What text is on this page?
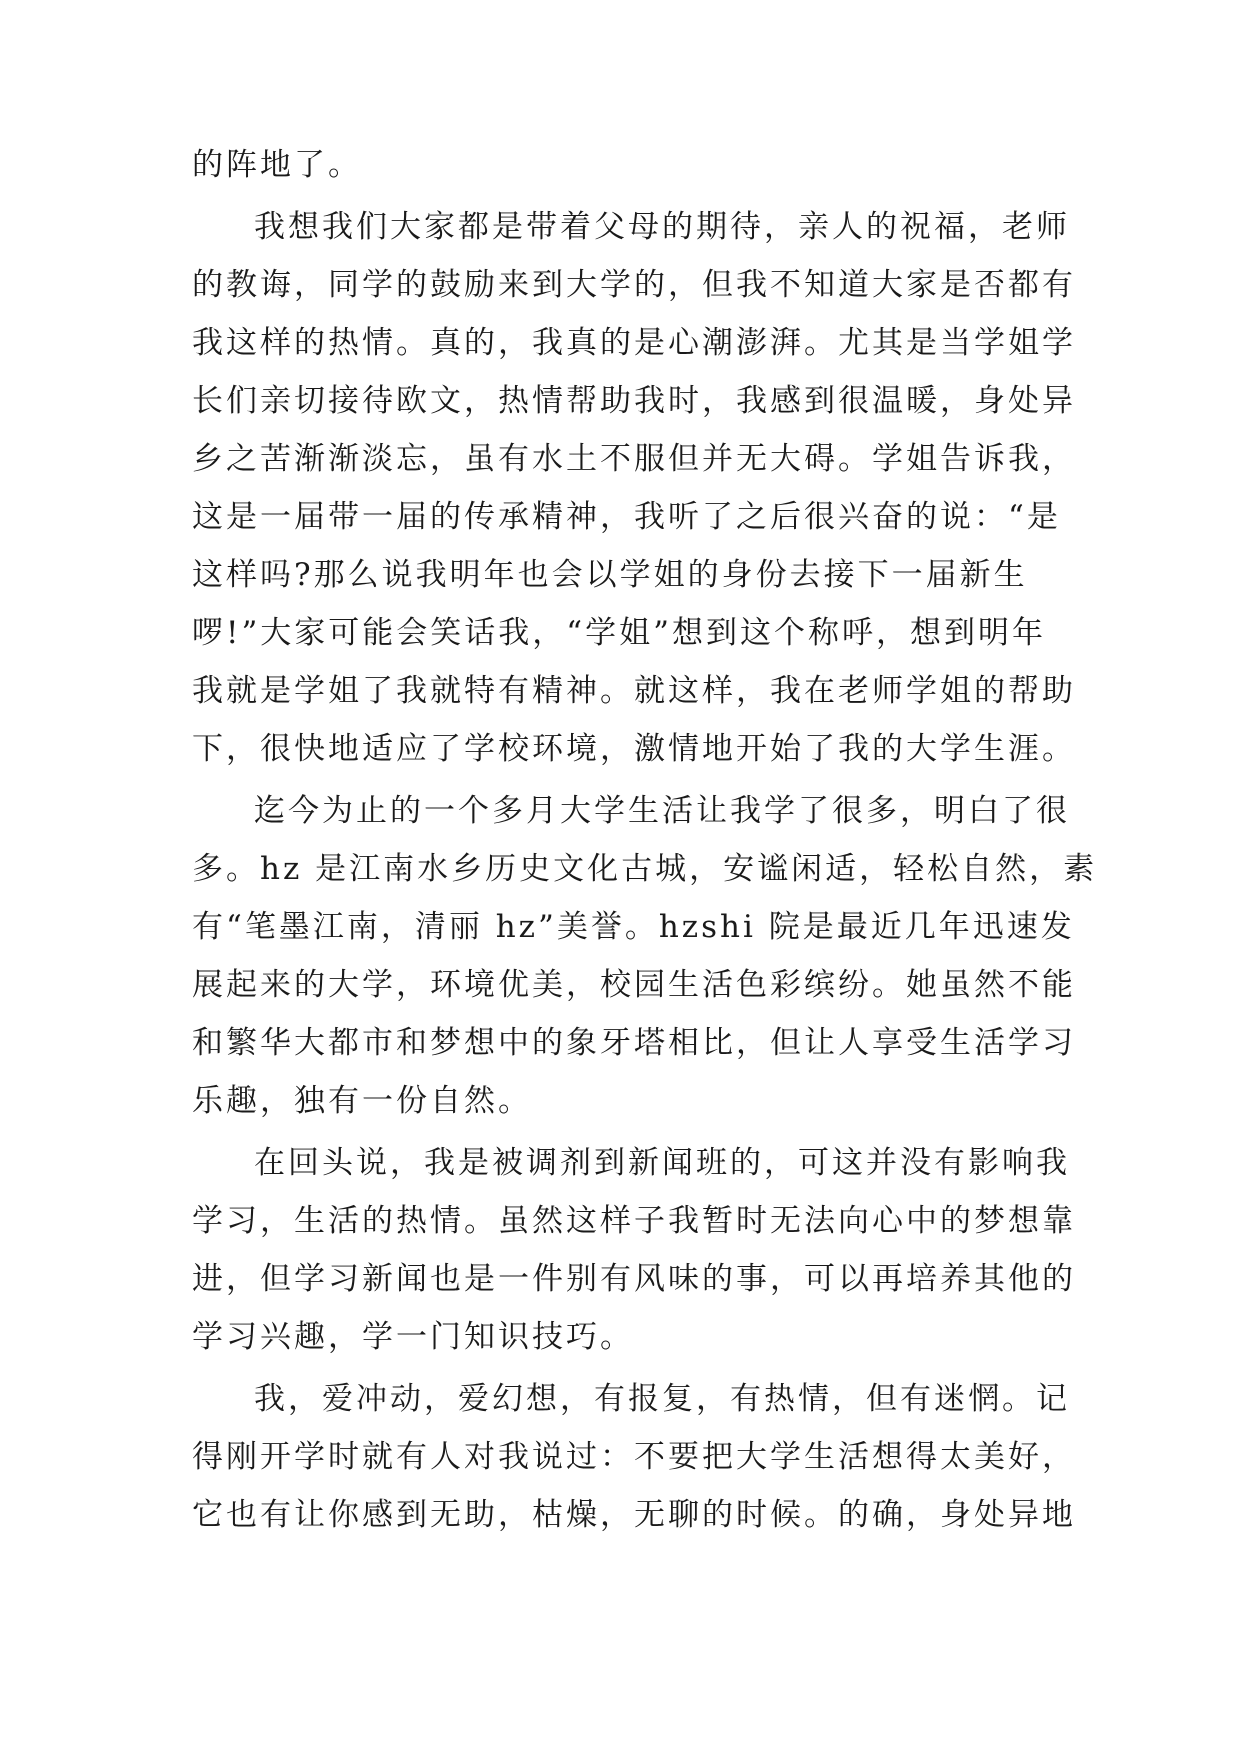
的阵地了。
我想我们大家都是带着父母的期待，亲人的祝福，老师
的教诲，同学的鼓励来到大学的，但我不知道大家是否都有
我这样的热情。真的，我真的是心潮澎湃。尤其是当学姐学
长们亲切接待欧文，热情帮助我时，我感到很温暖，身处异
乡之苦渐渐淡忘，虽有水土不服但并无大碍。学姐告诉我，
这是一届带一届的传承精神，我听了之后很兴奋的说：“是
这样吗?那么说我明年也会以学姐的身份去接下一届新生
啰!”大家可能会笑话我，“学姐”想到这个称呼，想到明年
我就是学姐了我就特有精神。就这样，我在老师学姐的帮助
下，很快地适应了学校环境，激情地开始了我的大学生涯。
迄今为止的一个多月大学生活让我学了很多，明白了很
多。hz 是江南水乡历史文化古城，安谧闲适，轻松自然，素
有“笔墨江南，清丽 hz”美誉。hzshi 院是最近几年迅速发
展起来的大学，环境优美，校园生活色彩缤纷。她虽然不能
和繁华大都市和梦想中的象牙塔相比，但让人享受生活学习
乐趣，独有一份自然。
在回头说，我是被调剂到新闻班的，可这并没有影响我
学习，生活的热情。虽然这样子我暂时无法向心中的梦想靠
进，但学习新闻也是一件别有风味的事，可以再培养其他的
学习兴趣，学一门知识技巧。
我，爱冲动，爱幻想，有报复，有热情，但有迷惘。记
得刚开学时就有人对我说过：不要把大学生活想得太美好，
它也有让你感到无助，枯燥，无聊的时候。的确，身处异地
